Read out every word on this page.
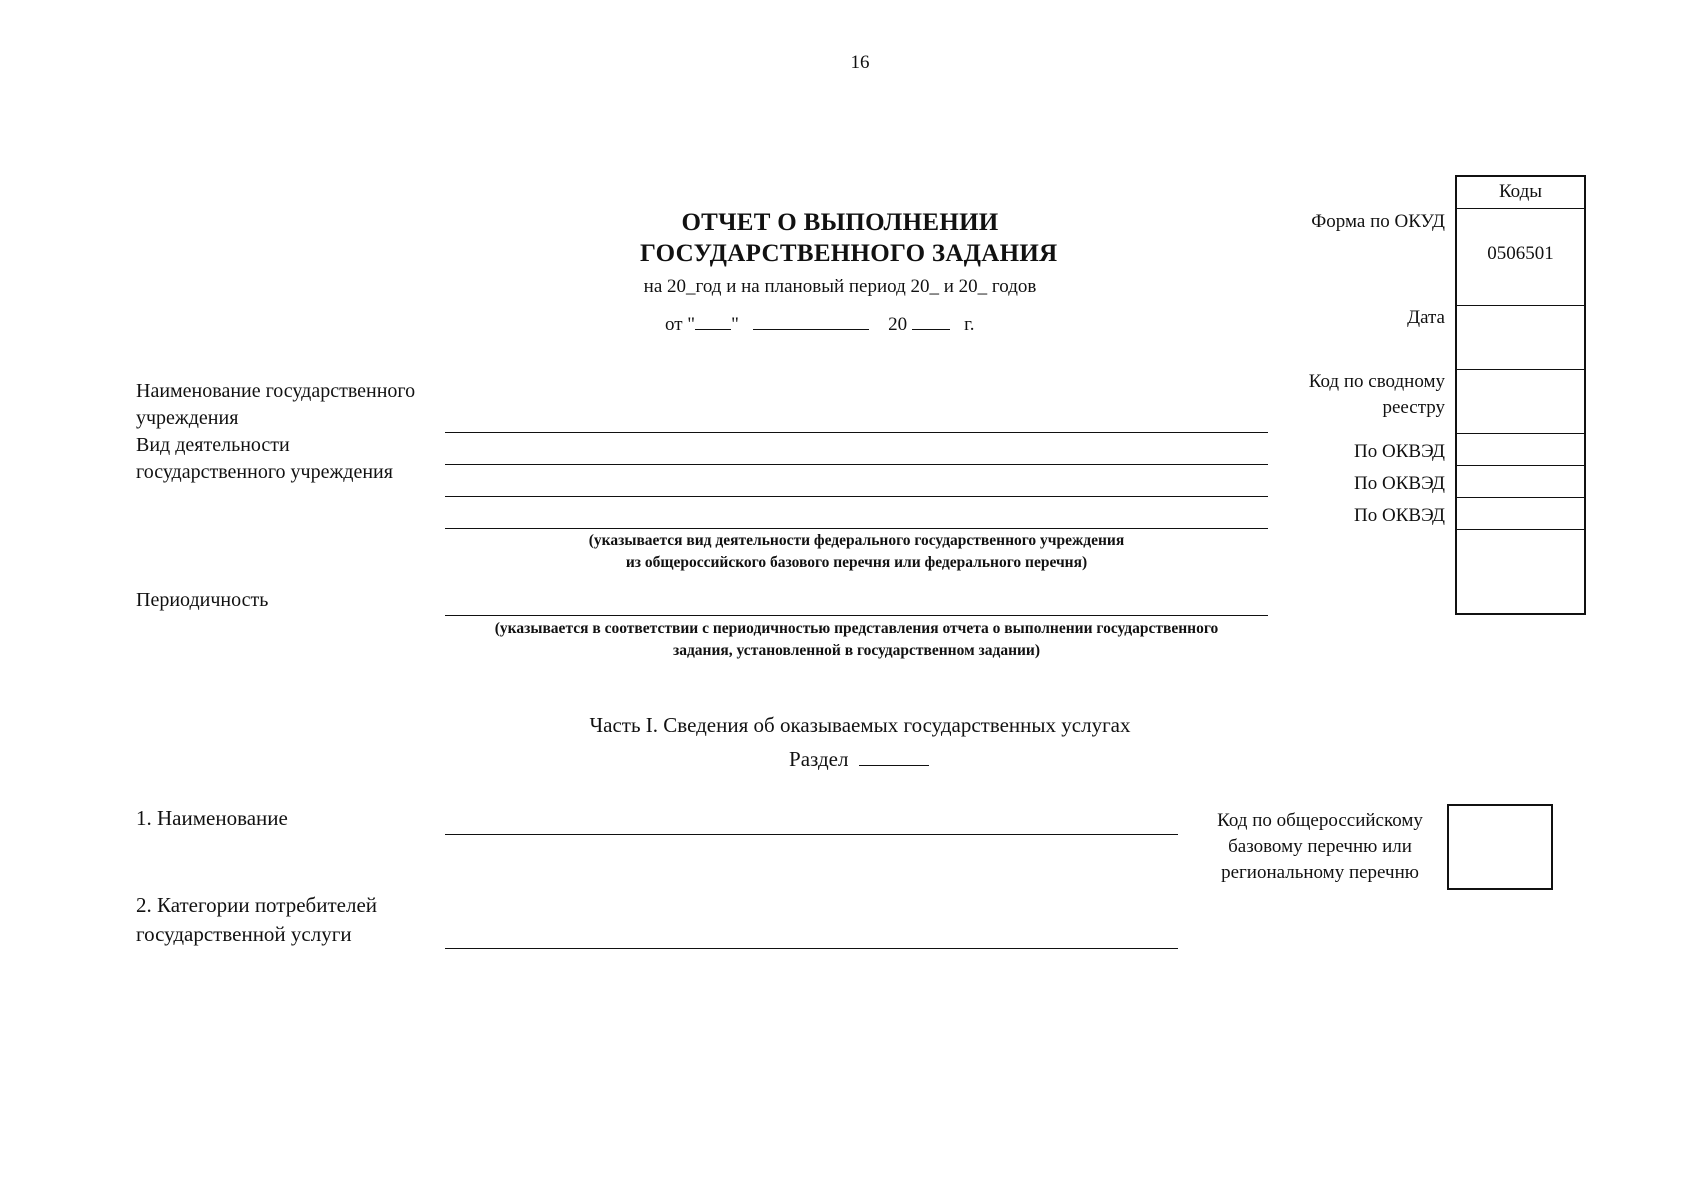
16
ОТЧЕТ О ВЫПОЛНЕНИИ
ГОСУДАРСТВЕННОГО ЗАДАНИЯ
на 20_год и на плановый период 20_ и 20_ годов
от " "	20	г.
Наименование государственного
учреждения
Вид деятельности
государственного учреждения
(указывается вид деятельности федерального государственного учреждения
из общероссийского базового перечня или федерального перечня)
Периодичность
(указывается в соответствии с периодичностью представления отчета о выполнении государственного
задания, установленной в государственном задании)
Форма по ОКУД
Дата
Код по сводному
реестру
По ОКВЭД
По ОКВЭД
По ОКВЭД
Коды
0506501
Часть I. Сведения об оказываемых государственных услугах
Раздел
1. Наименование
2. Категории потребителей
государственной услуги
Код по общероссийскому
базовому перечню или
региональному перечню
